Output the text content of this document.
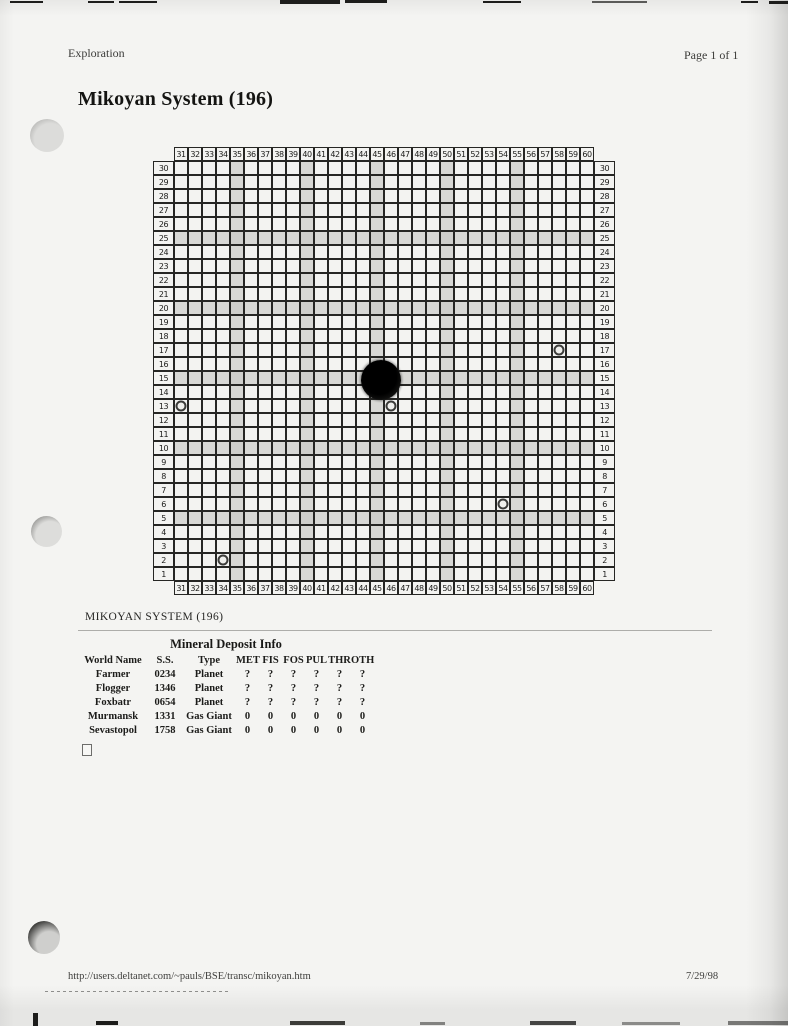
Exploration	Page 1 of 1
Mikoyan System (196)
31 32 33 34 35 36 37 38 39 40 41 42 43 44 45 46 47 48 49 50 51 52 53 54 55 56 57 58 59 60
30	30
29	29
28	28
27	27
26	26
25	25
24	24
23	23
22	22
21	21
20	20
19	19
18	18
17	17
16	16
15	15
14	14
13	13
12	12
11	11
10	10
9	9
8	8
7	7
6	6
5	5
4	4
3	3
2	2
1	1
31 32 33 34 35 36 37 38 39 40 41 42 43 44 45 46 47 48 49 50 51 52 53 54 55 56 57 58 59 60
MIKOYAN SYSTEM (196)
Mineral Deposit Info
World Name	S.S.	Type	MET FIS FOS PUL THR OTH
Farmer	0234	Planet	?	?	?	?	?	?
Flogger	1346	Planet	?	?	?	?	?	?
Foxbatr	0654	Planet	?	?	?	?	?	?
Murmansk	1331	Gas Giant	0	0	0	0	0	0
Sevastopol	1758	Gas Giant	0	0	0	0	0	0
http://users.deltanet.com/~pauls/BSE/transc/mikoyan.htm	7/29/98
